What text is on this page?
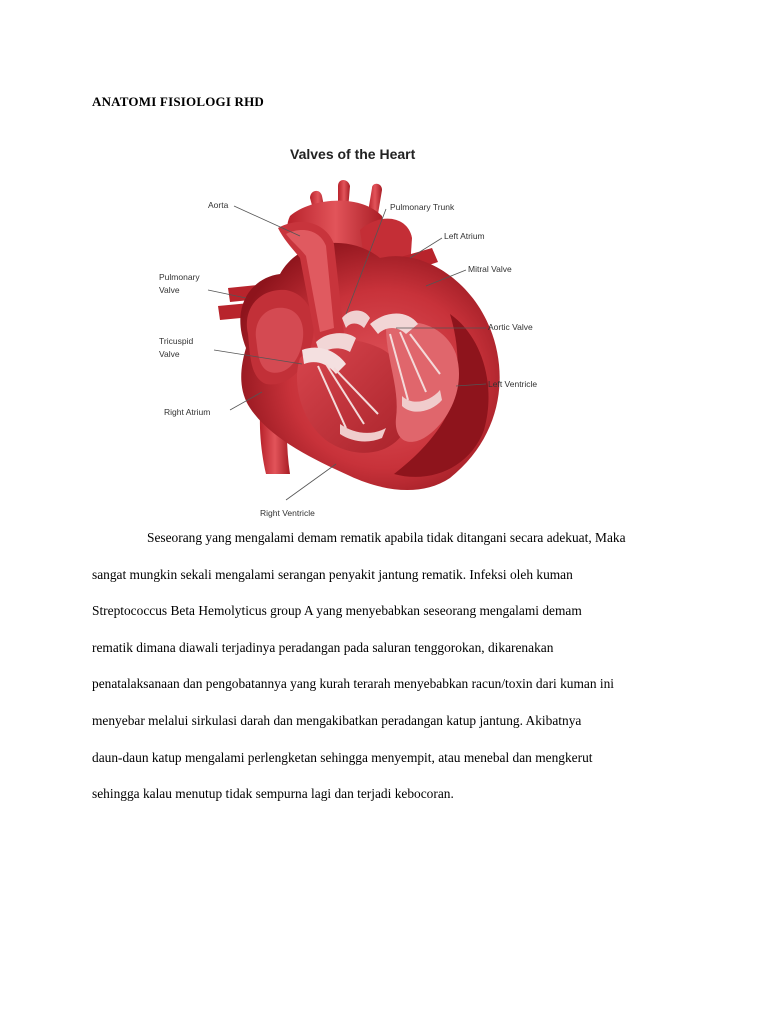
ANATOMI FISIOLOGI RHD
Valves of the Heart
Aorta	Pulmonary Trunk
Left Atrium
Mitral Valve
Pulmonary
Valve
Aortic Valve
Tricuspid
Valve
Left Ventricle
Right Atrium
Right Ventricle

Seseorang yang mengalami demam rematik apabila tidak ditangani secara adekuat, Maka

sangat mungkin sekali mengalami serangan penyakit jantung rematik. Infeksi oleh kuman

Streptococcus Beta Hemolyticus group A yang menyebabkan seseorang mengalami demam

rematik dimana diawali terjadinya peradangan pada saluran tenggorokan, dikarenakan

penatalaksanaan dan pengobatannya yang kurah terarah menyebabkan racun/toxin dari kuman ini

menyebar melalui sirkulasi darah dan mengakibatkan peradangan katup jantung. Akibatnya

daun-daun katup mengalami perlengketan sehingga menyempit, atau menebal dan mengkerut

sehingga kalau menutup tidak sempurna lagi dan terjadi kebocoran.
